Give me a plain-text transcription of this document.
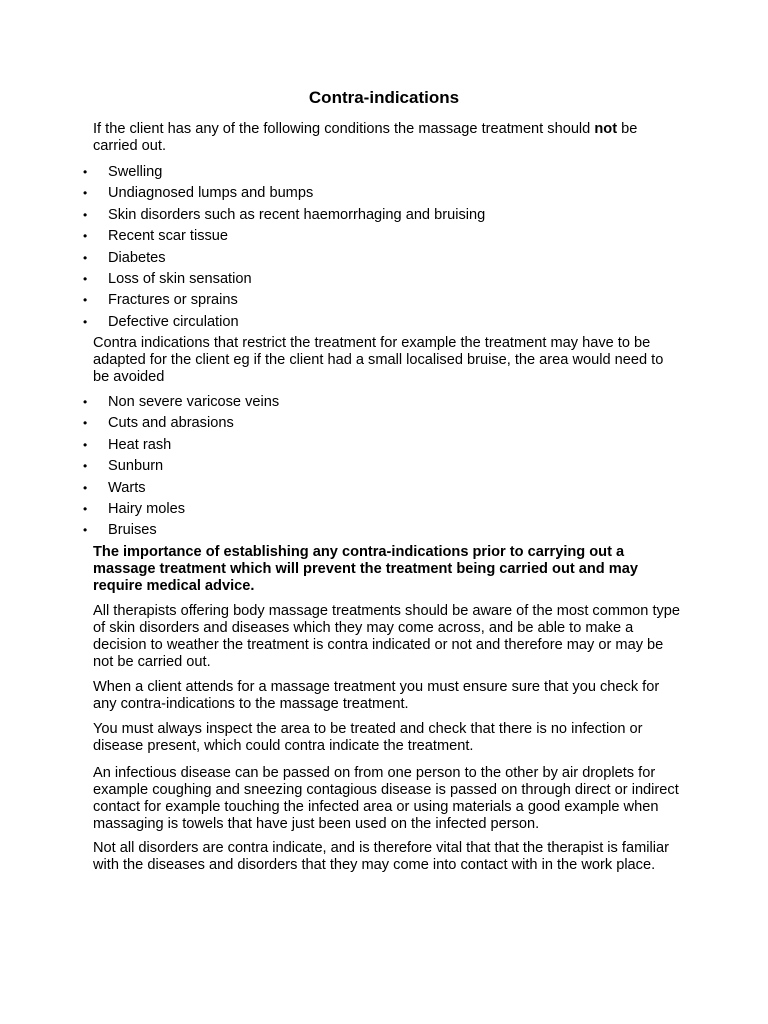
Contra-indications

If the client has any of the following conditions the massage treatment should not be carried out.

• Swelling
• Undiagnosed lumps and bumps
• Skin disorders such as recent haemorrhaging and bruising
• Recent scar tissue
• Diabetes
• Loss of skin sensation
• Fractures or sprains
• Defective circulation

Contra indications that restrict the treatment for example the treatment may have to be adapted for the client eg if the client had a small localised bruise, the area would need to be avoided

• Non severe varicose veins
• Cuts and abrasions
• Heat rash
• Sunburn
• Warts
• Hairy moles
• Bruises

The importance of establishing any contra-indications prior to carrying out a massage treatment which will prevent the treatment being carried out and may require medical advice.

All therapists offering body massage treatments should be aware of the most common type of skin disorders and diseases which they may come across, and be able to make a decision to weather the treatment is contra indicated or not and therefore may or may be not be carried out.

When a client attends for a massage treatment you must ensure sure that you check for any contra-indications to the massage treatment.

You must always inspect the area to be treated and check that there is no infection or disease present, which could contra indicate the treatment.

An infectious disease can be passed on from one person to the other by air droplets for example coughing and sneezing contagious disease is passed on through direct or indirect contact for example touching the infected area or using materials a good example when massaging is towels that have just been used on the infected person.

Not all disorders are contra indicate, and is therefore vital that that the therapist is familiar with the diseases and disorders that they may come into contact with in the work place.
